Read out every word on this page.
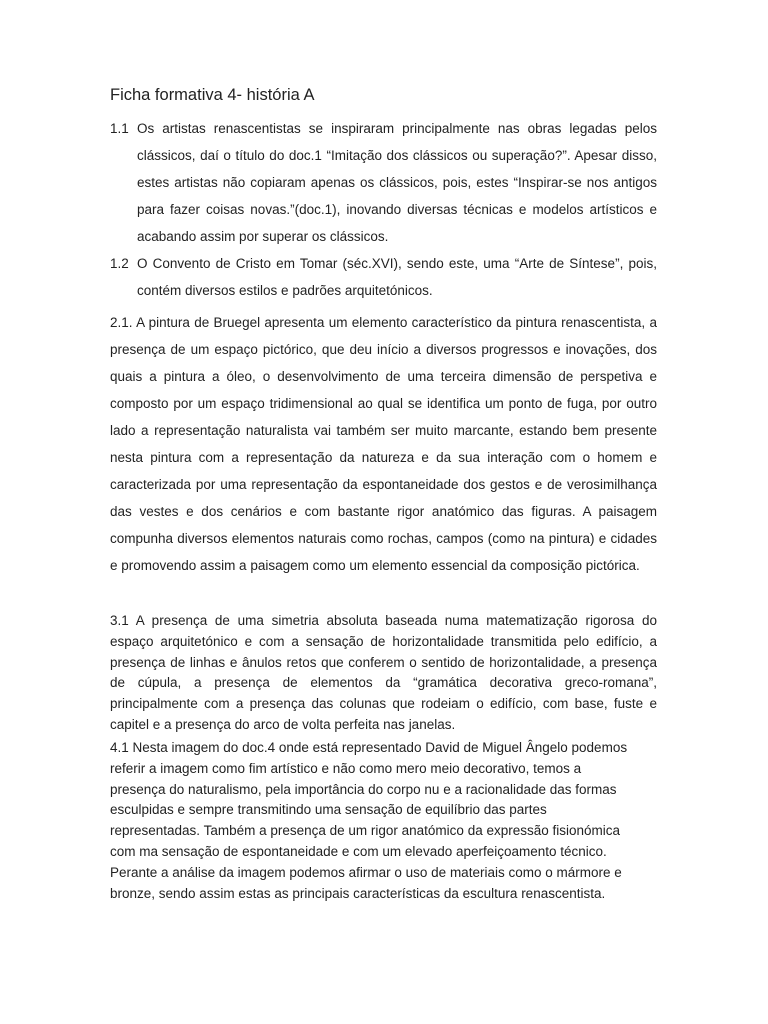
Ficha formativa 4- história A
1.1 Os artistas renascentistas se inspiraram principalmente nas obras legadas pelos clássicos, daí o título do doc.1 “Imitação dos clássicos ou superação?”. Apesar disso, estes artistas não copiaram apenas os clássicos, pois, estes “Inspirar-se nos antigos para fazer coisas novas.”(doc.1), inovando diversas técnicas e modelos artísticos e acabando assim por superar os clássicos.
1.2 O Convento de Cristo em Tomar (séc.XVI), sendo este, uma “Arte de Síntese”, pois, contém diversos estilos e padrões arquitetónicos.

2.1. A pintura de Bruegel apresenta um elemento característico da pintura renascentista, a presença de um espaço pictórico, que deu início a diversos progressos e inovações, dos quais a pintura a óleo, o desenvolvimento de uma terceira dimensão de perspetiva e composto por um espaço tridimensional ao qual se identifica um ponto de fuga, por outro lado a representação naturalista vai também ser muito marcante, estando bem presente nesta pintura com a representação da natureza e da sua interação com o homem e caracterizada por uma representação da espontaneidade dos gestos e de verosimilhança das vestes e dos cenários e com bastante rigor anatómico das figuras. A paisagem compunha diversos elementos naturais como rochas, campos (como na pintura) e cidades e promovendo assim a paisagem como um elemento essencial da composição pictórica.

3.1 A presença de uma simetria absoluta baseada numa matematização rigorosa do espaço arquitetónico e com a sensação de horizontalidade transmitida pelo edifício, a presença de linhas e ânulos retos que conferem o sentido de horizontalidade, a presença de cúpula, a presença de elementos da “gramática decorativa greco-romana”, principalmente com a presença das colunas que rodeiam o edifício, com base, fuste e capitel e a presença do arco de volta perfeita nas janelas.

4.1 Nesta imagem do doc.4 onde está representado David de Miguel Ângelo podemos
referir a imagem como fim artístico e não como mero meio decorativo, temos a
presença do naturalismo, pela importância do corpo nu e a racionalidade das formas
esculpidas e sempre transmitindo uma sensação de equilíbrio das partes
representadas. Também a presença de um rigor anatómico da expressão fisionómica
com ma sensação de espontaneidade e com um elevado aperfeiçoamento técnico.
Perante a análise da imagem podemos afirmar o uso de materiais como o mármore e
bronze, sendo assim estas as principais características da escultura renascentista.
